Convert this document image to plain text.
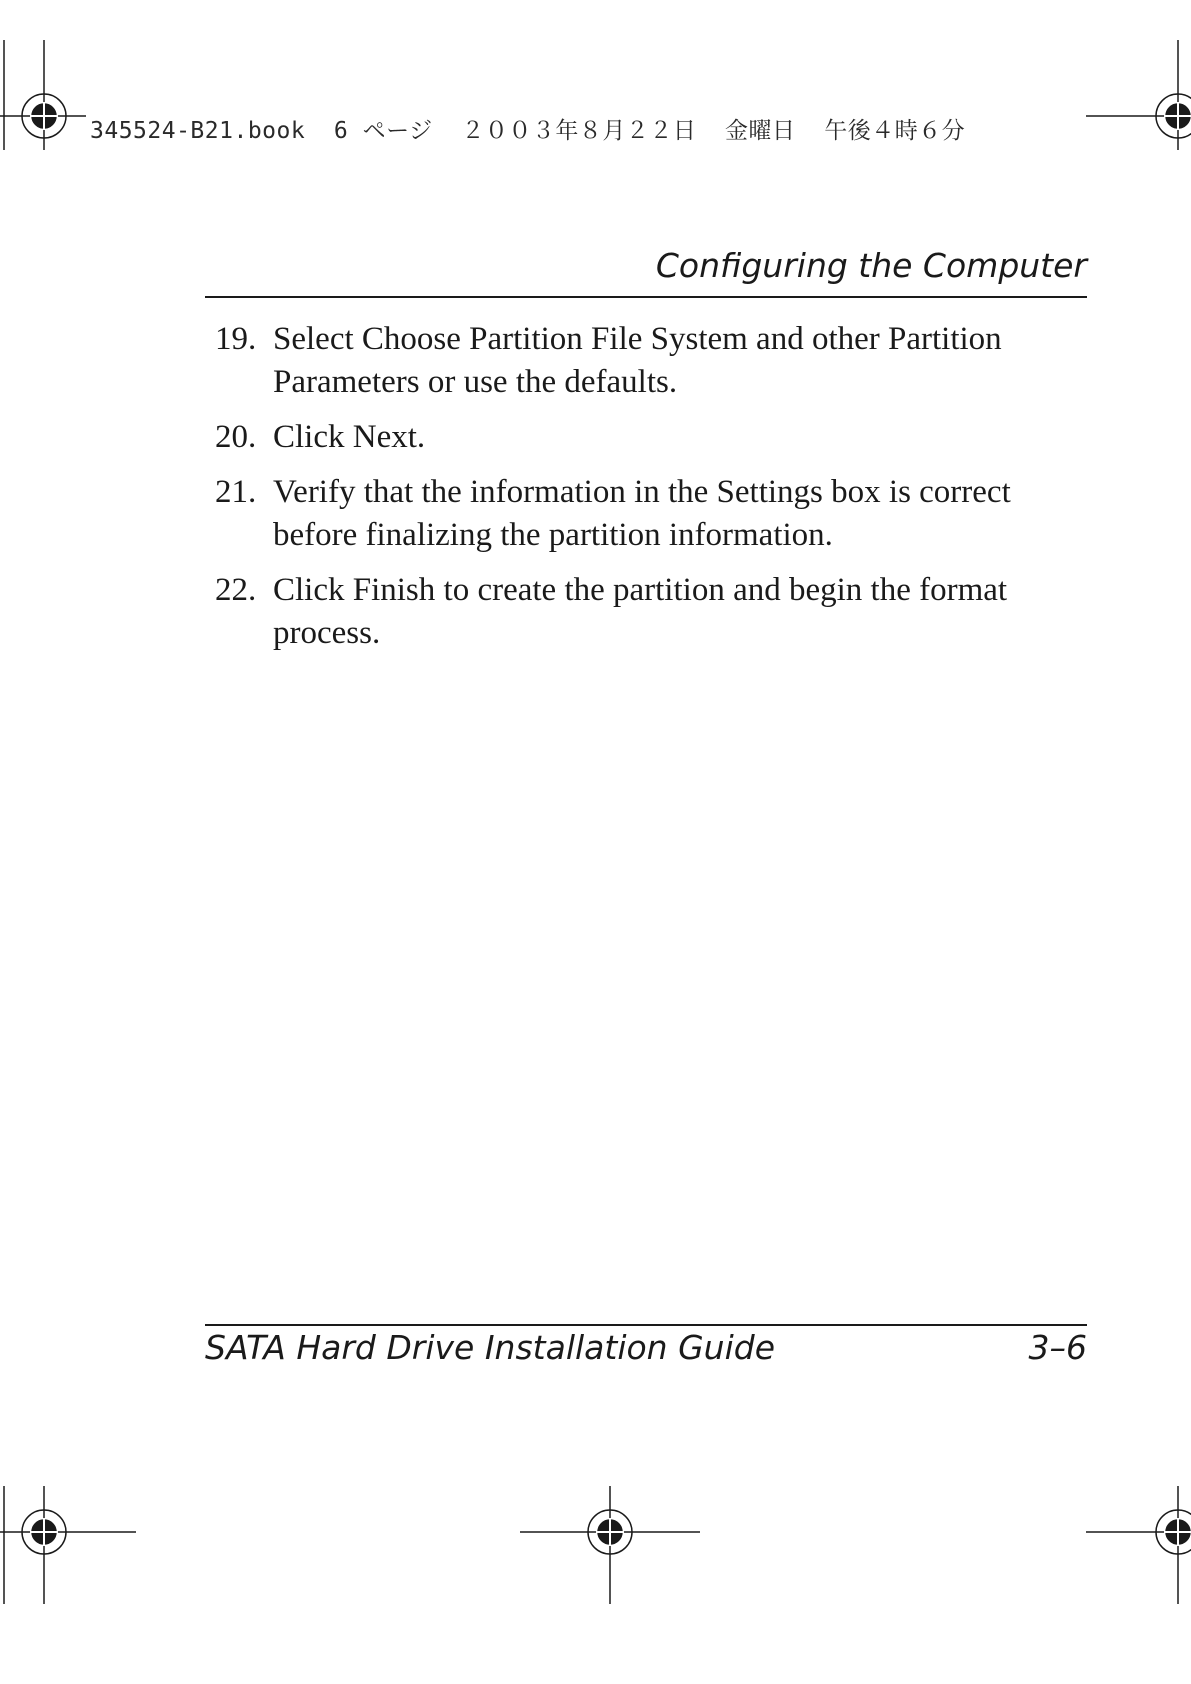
345524-B21.book  6 ページ  ２００３年８月２２日  金曜日  午後４時６分
Configuring the Computer
19. Select Choose Partition File System and other Partition Parameters or use the defaults.
20. Click Next.
21. Verify that the information in the Settings box is correct before finalizing the partition information.
22. Click Finish to create the partition and begin the format process.
SATA Hard Drive Installation Guide	3–6
